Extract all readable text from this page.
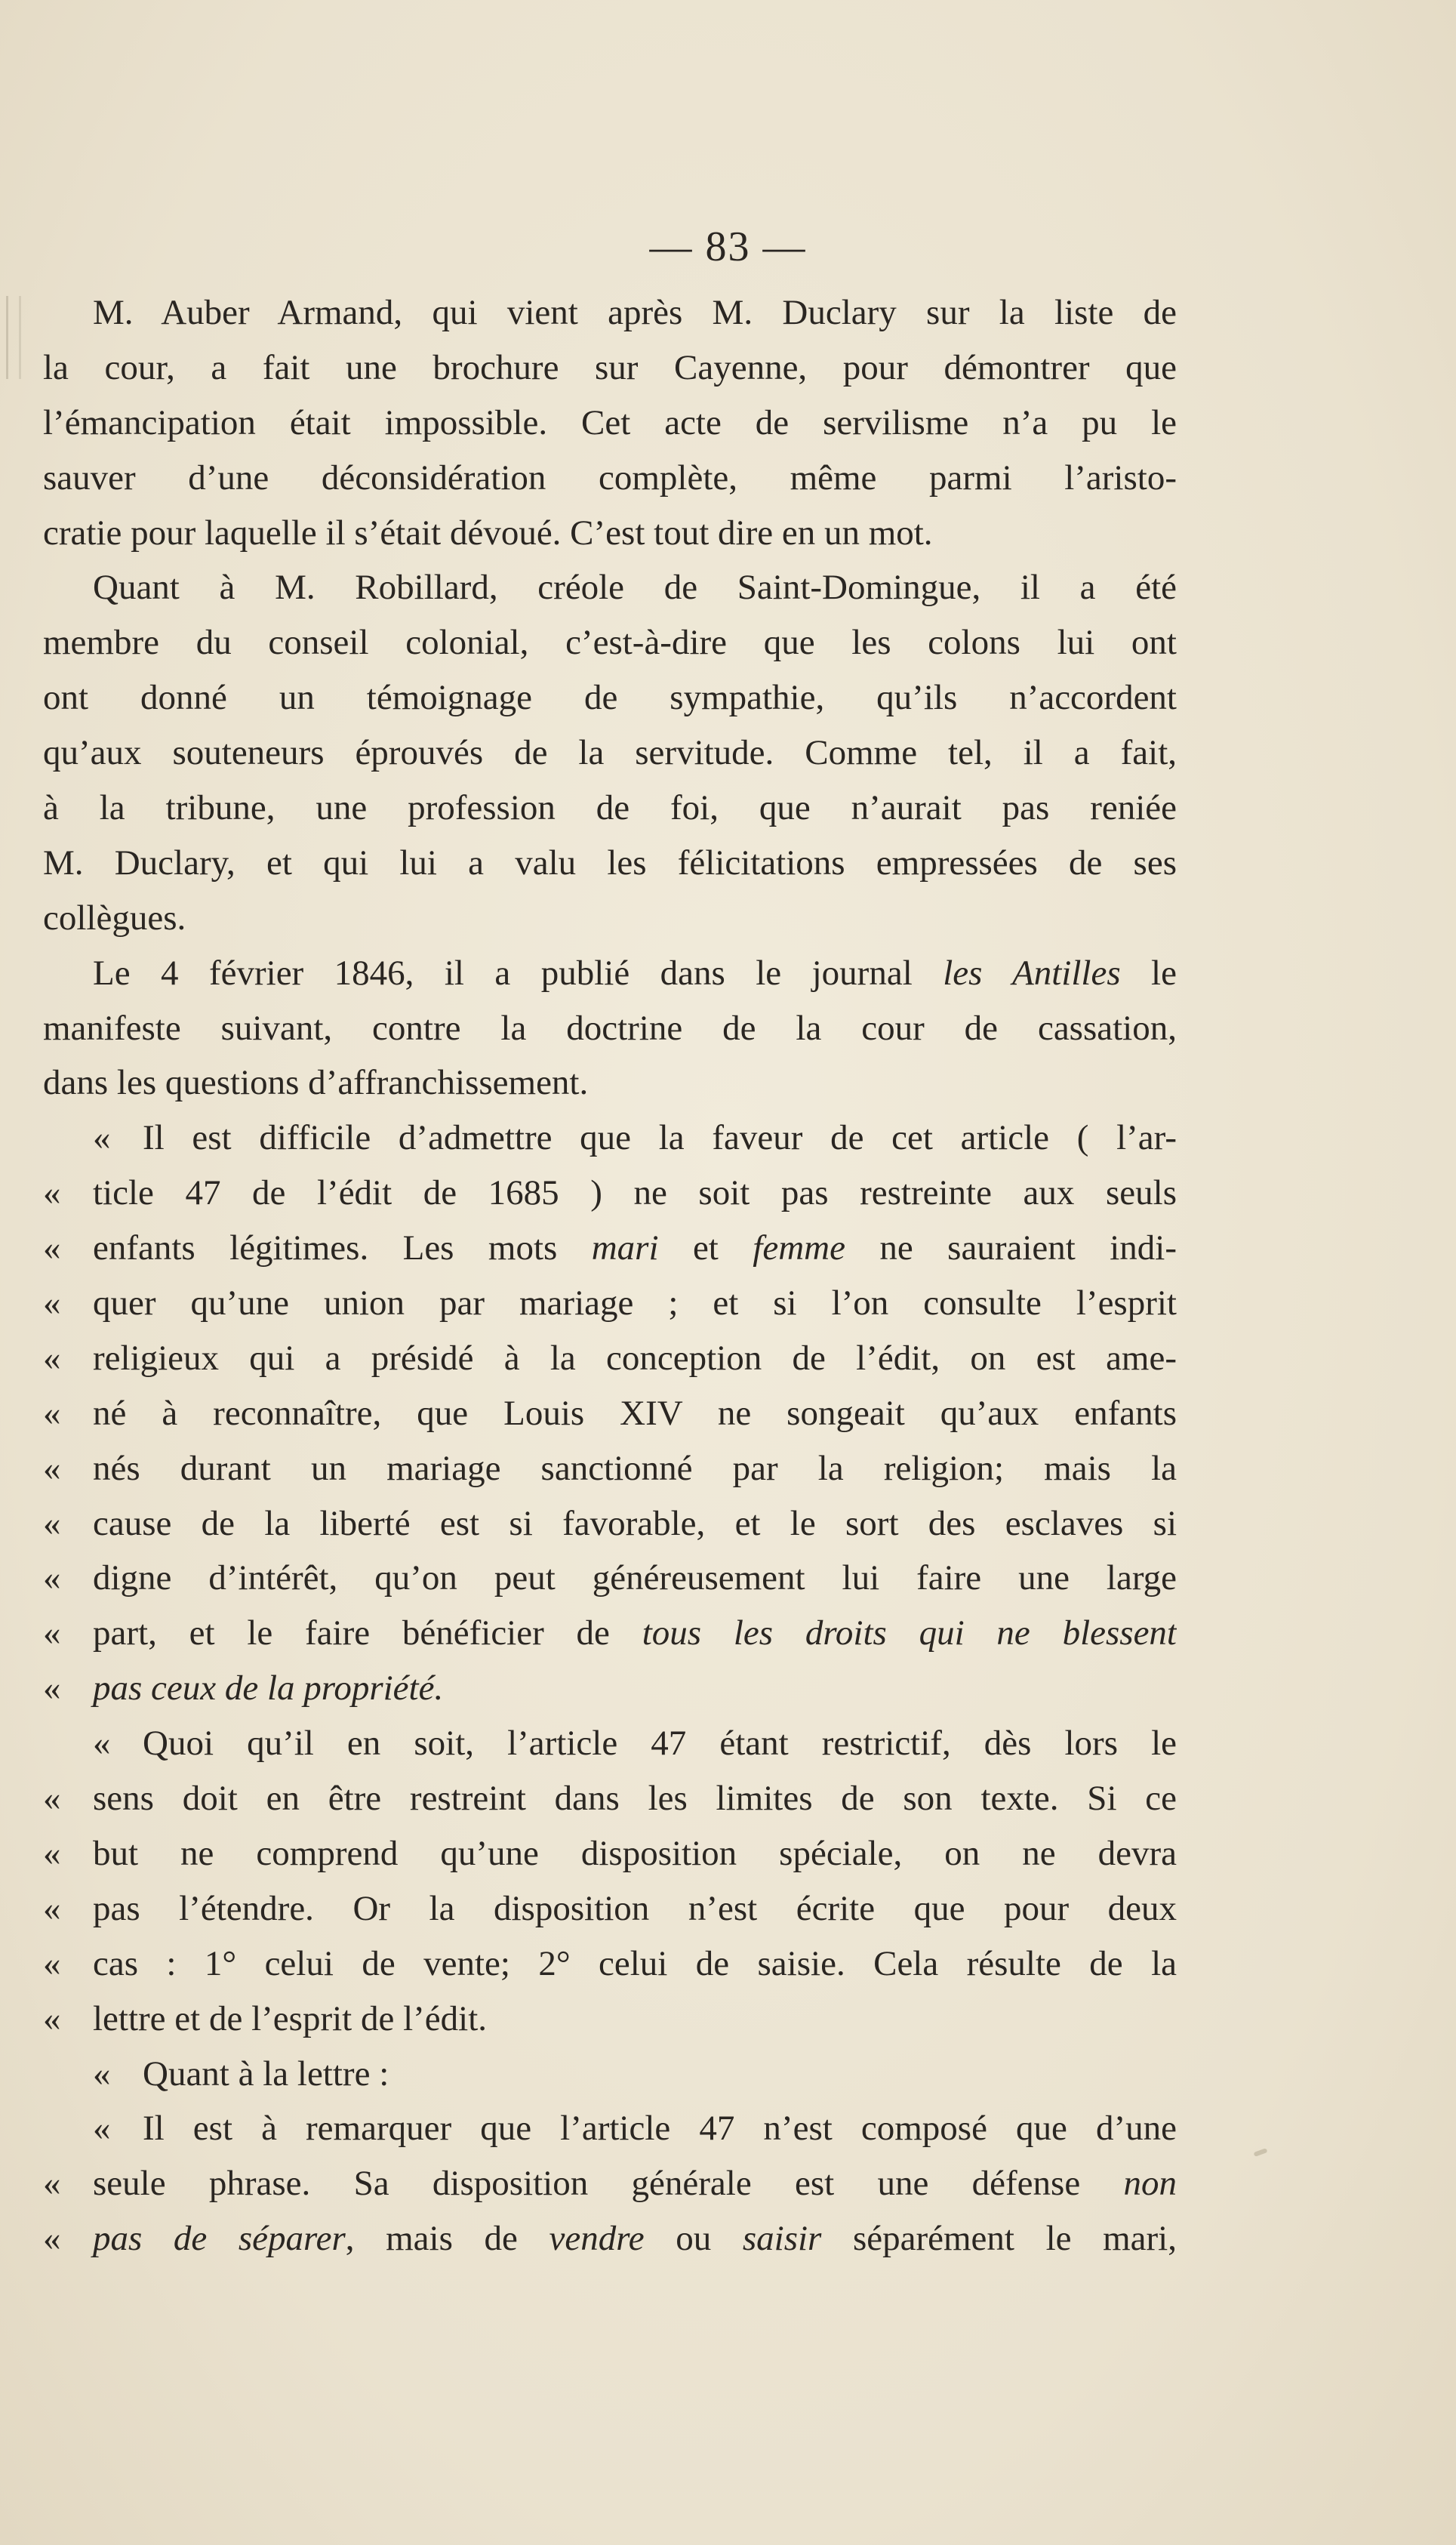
— 83 —
M. Auber Armand, qui vient après M. Duclary sur la liste de
la cour, a fait une brochure sur Cayenne, pour démontrer que
l’émancipation était impossible. Cet acte de servilisme n’a pu le
sauver d’une déconsidération complète, même parmi l’aristo-
cratie pour laquelle il s’était dévoué. C’est tout dire en un mot.
Quant à M. Robillard, créole de Saint-Domingue, il a été
membre du conseil colonial, c’est-à-dire que les colons lui ont
ont donné un témoignage de sympathie, qu’ils n’accordent
qu’aux souteneurs éprouvés de la servitude. Comme tel, il a fait,
à la tribune, une profession de foi, que n’aurait pas reniée
M. Duclary, et qui lui a valu les félicitations empressées de ses
collègues.
Le 4 février 1846, il a publié dans le journal les Antilles le
manifeste suivant, contre la doctrine de la cour de cassation,
dans les questions d’affranchissement.
« Il est difficile d’admettre que la faveur de cet article ( l’ar-
« ticle 47 de l’édit de 1685 ) ne soit pas restreinte aux seuls
« enfants légitimes. Les mots mari et femme ne sauraient indi-
« quer qu’une union par mariage ; et si l’on consulte l’esprit
« religieux qui a présidé à la conception de l’édit, on est ame-
« né à reconnaître, que Louis XIV ne songeait qu’aux enfants
« nés durant un mariage sanctionné par la religion; mais la
« cause de la liberté est si favorable, et le sort des esclaves si
« digne d’intérêt, qu’on peut généreusement lui faire une large
« part, et le faire bénéficier de tous les droits qui ne blessent
« pas ceux de la propriété.
« Quoi qu’il en soit, l’article 47 étant restrictif, dès lors le
« sens doit en être restreint dans les limites de son texte. Si ce
« but ne comprend qu’une disposition spéciale, on ne devra
« pas l’étendre. Or la disposition n’est écrite que pour deux
« cas : 1° celui de vente; 2° celui de saisie. Cela résulte de la
« lettre et de l’esprit de l’édit.
« Quant à la lettre :
« Il est à remarquer que l’article 47 n’est composé que d’une
« seule phrase. Sa disposition générale est une défense non
« pas de séparer, mais de vendre ou saisir séparément le mari,
